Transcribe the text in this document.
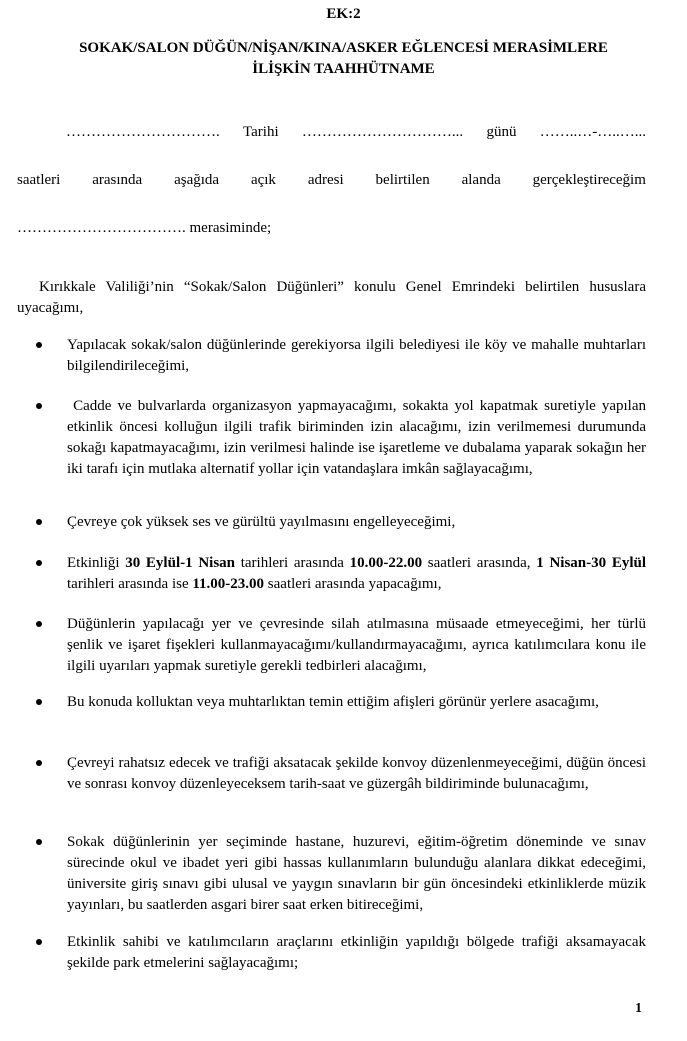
EK:2
SOKAK/SALON DÜĞÜN/NİŞAN/KINA/ASKER EĞLENCESİ MERASİMLERE
İLİŞKİN TAAHHÜTNAME
…………………………. Tarihi …………………………... günü ……..…-…..…...
saatleri arasında aşağıda açık adresi belirtilen alanda gerçekleştireceğim
……………………………. merasiminde;
Kırıkkale Valiliği’nin “Sokak/Salon Düğünleri” konulu Genel Emrindeki belirtilen hususlara uyacağımı,
Yapılacak sokak/salon düğünlerinde gerekiyorsa ilgili belediyesi ile köy ve mahalle muhtarları bilgilendirileceğimi,
Cadde ve bulvarlarda organizasyon yapmayacağımı, sokakta yol kapatmak suretiyle yapılan etkinlik öncesi kolluğun ilgili trafik biriminden izin alacağımı, izin verilmemesi durumunda sokağı kapatmayacağımı, izin verilmesi halinde ise işaretleme ve dubalama yaparak sokağın her iki tarafı için mutlaka alternatif yollar için vatandaşlara imkân sağlayacağımı,
Çevreye çok yüksek ses ve gürültü yayılmasını engelleyeceğimi,
Etkinliği 30 Eylül-1 Nisan tarihleri arasında 10.00-22.00 saatleri arasında, 1 Nisan-30 Eylül tarihleri arasında ise 11.00-23.00 saatleri arasında yapacağımı,
Düğünlerin yapılacağı yer ve çevresinde silah atılmasına müsaade etmeyeceğimi, her türlü şenlik ve işaret fişekleri kullanmayacağımı/kullandırmayacağımı, ayrıca katılımcılara konu ile ilgili uyarıları yapmak suretiyle gerekli tedbirleri alacağımı,
Bu konuda kolluktan veya muhtarlıktan temin ettiğim afişleri görünür yerlere asacağımı,
Çevreyi rahatsız edecek ve trafiği aksatacak şekilde konvoy düzenlenmeyeceğimi, düğün öncesi ve sonrası konvoy düzenleyeceksem tarih-saat ve güzergâh bildiriminde bulunacağımı,
Sokak düğünlerinin yer seçiminde hastane, huzurevi, eğitim-öğretim döneminde ve sınav sürecinde okul ve ibadet yeri gibi hassas kullanımların bulunduğu alanlara dikkat edeceğimi, üniversite giriş sınavı gibi ulusal ve yaygın sınavların bir gün öncesindeki etkinliklerde müzik yayınları, bu saatlerden asgari birer saat erken bitireceğimi,
Etkinlik sahibi ve katılımcıların araçlarını etkinliğin yapıldığı bölgede trafiği aksamayacak şekilde park etmelerini sağlayacağımı;
1
